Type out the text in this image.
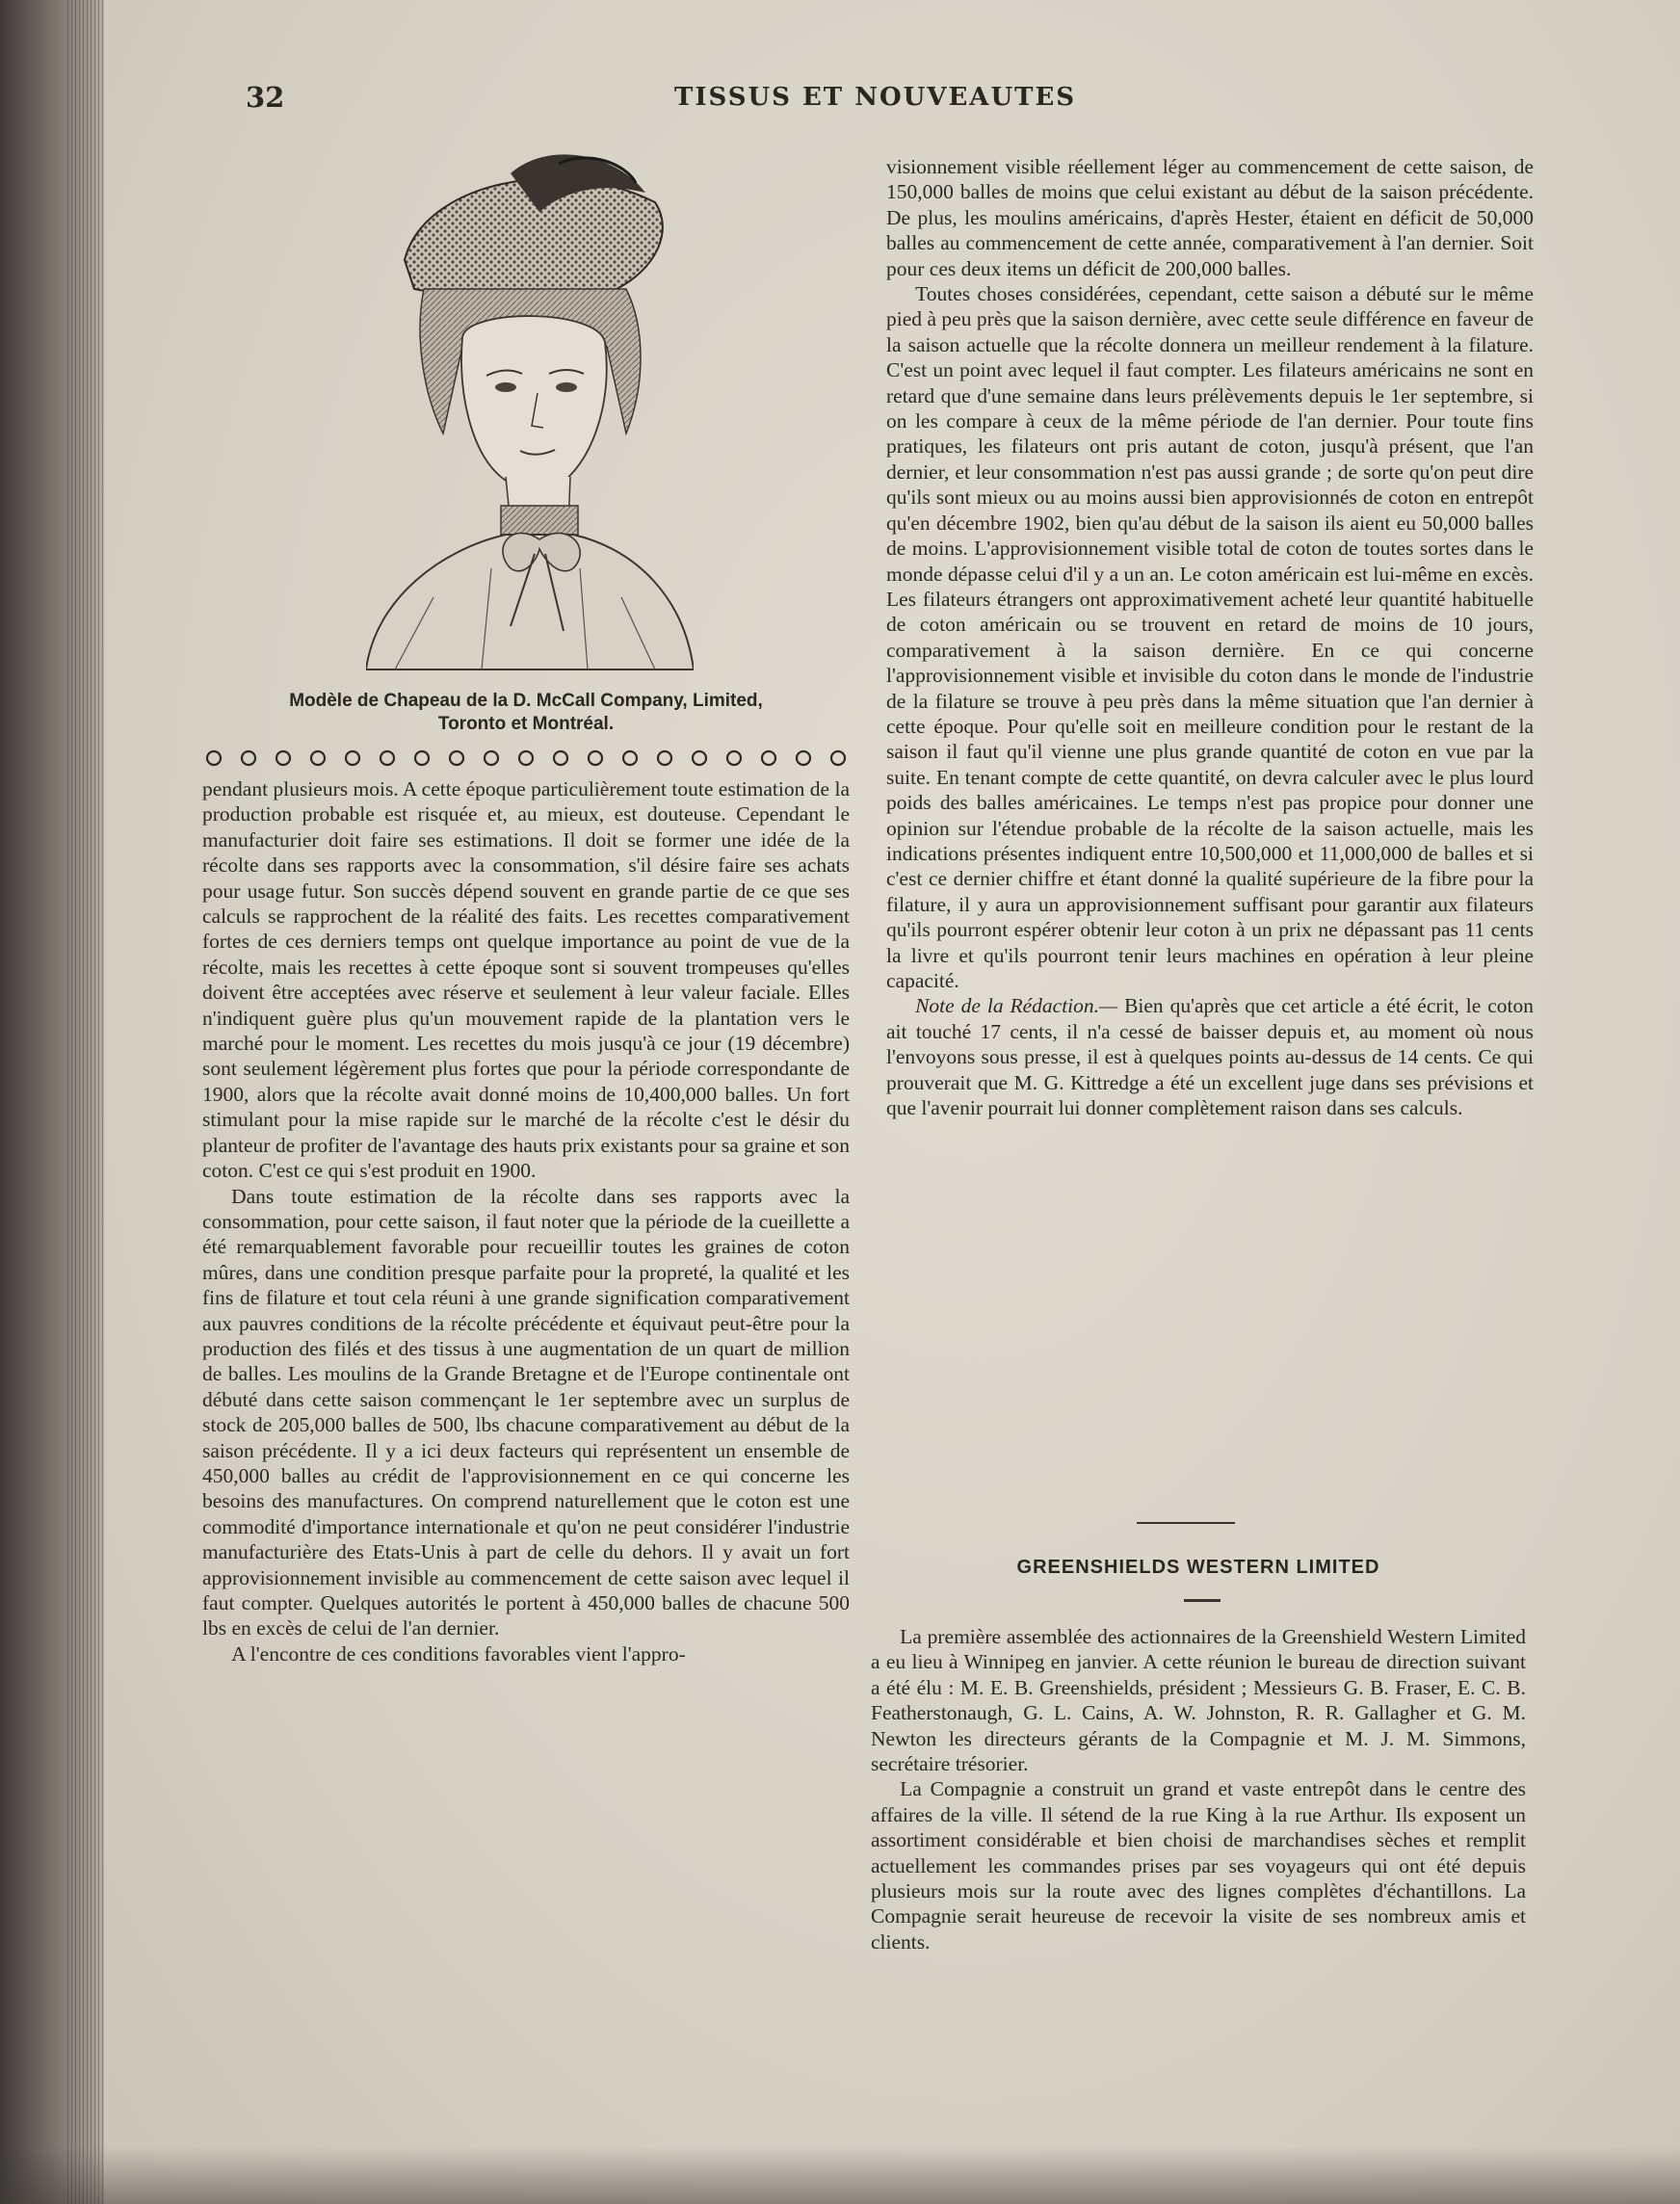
32	TISSUS ET NOUVEAUTES
Modèle de Chapeau de la D. McCall Company, Limited,
Toronto et Montréal.

pendant plusieurs mois. A cette époque particulièrement toute estimation de la production probable est risquée et, au mieux, est douteuse. Cependant le manufacturier doit faire ses estimations. Il doit se former une idée de la récolte dans ses rapports avec la consommation, s'il désire faire ses achats pour usage futur. Son succès dépend souvent en grande partie de ce que ses calculs se rapprochent de la réalité des faits. Les recettes comparativement fortes de ces derniers temps ont quelque importance au point de vue de la récolte, mais les recettes à cette époque sont si souvent trompeuses qu'elles doivent être acceptées avec réserve et seulement à leur valeur faciale. Elles n'indiquent guère plus qu'un mouvement rapide de la plantation vers le marché pour le moment. Les recettes du mois jusqu'à ce jour (19 décembre) sont seulement légèrement plus fortes que pour la période correspondante de 1900, alors que la récolte avait donné moins de 10,400,000 balles. Un fort stimulant pour la mise rapide sur le marché de la récolte c'est le désir du planteur de profiter de l'avantage des hauts prix existants pour sa graine et son coton. C'est ce qui s'est produit en 1900.

Dans toute estimation de la récolte dans ses rapports avec la consommation, pour cette saison, il faut noter que la période de la cueillette a été remarquablement favorable pour recueillir toutes les graines de coton mûres, dans une condition presque parfaite pour la propreté, la qualité et les fins de filature et tout cela réuni à une grande signification comparativement aux pauvres conditions de la récolte précédente et équivaut peut-être pour la production des filés et des tissus à une augmentation de un quart de million de balles. Les moulins de la Grande Bretagne et de l'Europe continentale ont débuté dans cette saison commençant le 1er septembre avec un surplus de stock de 205,000 balles de 500, lbs chacune comparativement au début de la saison précédente. Il y a ici deux facteurs qui représentent un ensemble de 450,000 balles au crédit de l'approvisionnement en ce qui concerne les besoins des manufactures. On comprend naturellement que le coton est une commodité d'importance internationale et qu'on ne peut considérer l'industrie manufacturière des Etats-Unis à part de celle du dehors. Il y avait un fort approvisionnement invisible au commencement de cette saison avec lequel il faut compter. Quelques autorités le portent à 450,000 balles de chacune 500 lbs en excès de celui de l'an dernier.

A l'encontre de ces conditions favorables vient l'appro-

visionnement visible réellement léger au commencement de cette saison, de 150,000 balles de moins que celui existant au début de la saison précédente. De plus, les moulins américains, d'après Hester, étaient en déficit de 50,000 balles au commencement de cette année, comparativement à l'an dernier. Soit pour ces deux items un déficit de 200,000 balles.

Toutes choses considérées, cependant, cette saison a débuté sur le même pied à peu près que la saison dernière, avec cette seule différence en faveur de la saison actuelle que la récolte donnera un meilleur rendement à la filature. C'est un point avec lequel il faut compter. Les filateurs américains ne sont en retard que d'une semaine dans leurs prélèvements depuis le 1er septembre, si on les compare à ceux de la même période de l'an dernier. Pour toute fins pratiques, les filateurs ont pris autant de coton, jusqu'à présent, que l'an dernier, et leur consommation n'est pas aussi grande ; de sorte qu'on peut dire qu'ils sont mieux ou au moins aussi bien approvisionnés de coton en entrepôt qu'en décembre 1902, bien qu'au début de la saison ils aient eu 50,000 balles de moins. L'approvisionnement visible total de coton de toutes sortes dans le monde dépasse celui d'il y a un an. Le coton américain est lui-même en excès. Les filateurs étrangers ont approximativement acheté leur quantité habituelle de coton américain ou se trouvent en retard de moins de 10 jours, comparativement à la saison dernière. En ce qui concerne l'approvisionnement visible et invisible du coton dans le monde de l'industrie de la filature se trouve à peu près dans la même situation que l'an dernier à cette époque. Pour qu'elle soit en meilleure condition pour le restant de la saison il faut qu'il vienne une plus grande quantité de coton en vue par la suite. En tenant compte de cette quantité, on devra calculer avec le plus lourd poids des balles américaines. Le temps n'est pas propice pour donner une opinion sur l'étendue probable de la récolte de la saison actuelle, mais les indications présentes indiquent entre 10,500,000 et 11,000,000 de balles et si c'est ce dernier chiffre et étant donné la qualité supérieure de la fibre pour la filature, il y aura un approvisionnement suffisant pour garantir aux filateurs qu'ils pourront espérer obtenir leur coton à un prix ne dépassant pas 11 cents la livre et qu'ils pourront tenir leurs machines en opération à leur pleine capacité.

Note de la Rédaction.— Bien qu'après que cet article a été écrit, le coton ait touché 17 cents, il n'a cessé de baisser depuis et, au moment où nous l'envoyons sous presse, il est à quelques points au-dessus de 14 cents. Ce qui prouverait que M. G. Kittredge a été un excellent juge dans ses prévisions et que l'avenir pourrait lui donner complètement raison dans ses calculs.

GREENSHIELDS WESTERN LIMITED

La première assemblée des actionnaires de la Greenshield Western Limited a eu lieu à Winnipeg en janvier. A cette réunion le bureau de direction suivant a été élu : M. E. B. Greenshields, président ; Messieurs G. B. Fraser, E. C. B. Featherstonaugh, G. L. Cains, A. W. Johnston, R. R. Gallagher et G. M. Newton les directeurs gérants de la Compagnie et M. J. M. Simmons, secrétaire trésorier.

La Compagnie a construit un grand et vaste entrepôt dans le centre des affaires de la ville. Il sétend de la rue King à la rue Arthur. Ils exposent un assortiment considérable et bien choisi de marchandises sèches et remplit actuellement les commandes prises par ses voyageurs qui ont été depuis plusieurs mois sur la route avec des lignes complètes d'échantillons. La Compagnie serait heureuse de recevoir la visite de ses nombreux amis et clients.
